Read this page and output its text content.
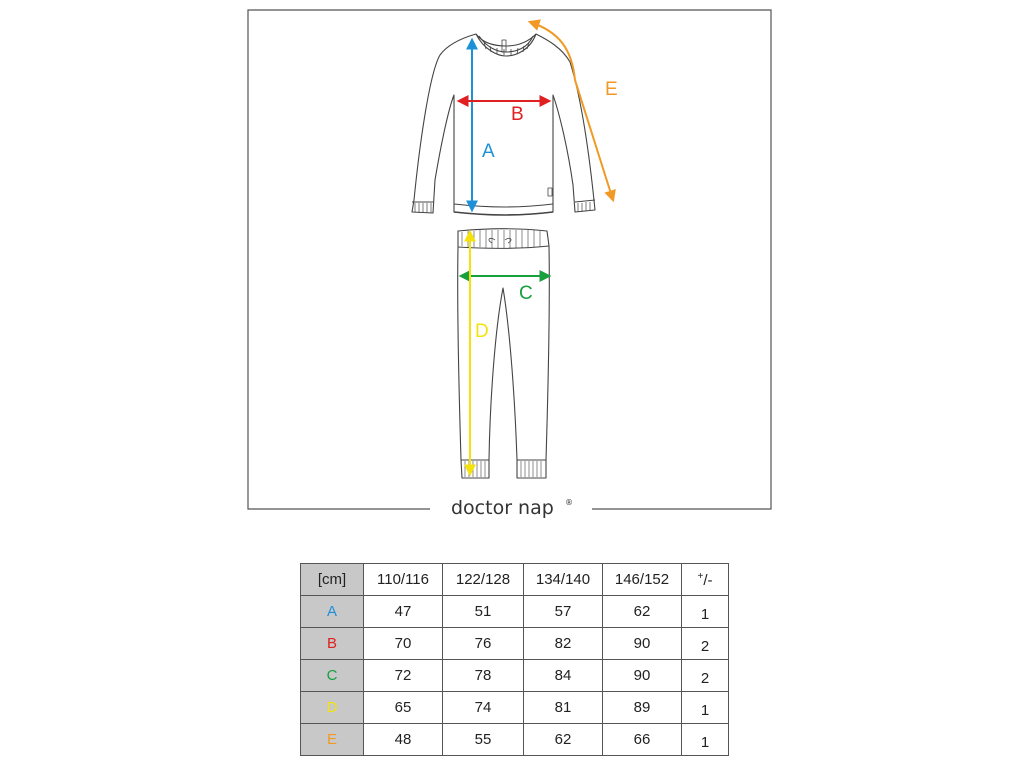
A
B
C
D
E
doctor nap ®
[cm]	110/116	122/128	134/140	146/152	+/-
A	47	51	57	62	1
B	70	76	82	90	2
C	72	78	84	90	2
D	65	74	81	89	1
E	48	55	62	66	1
